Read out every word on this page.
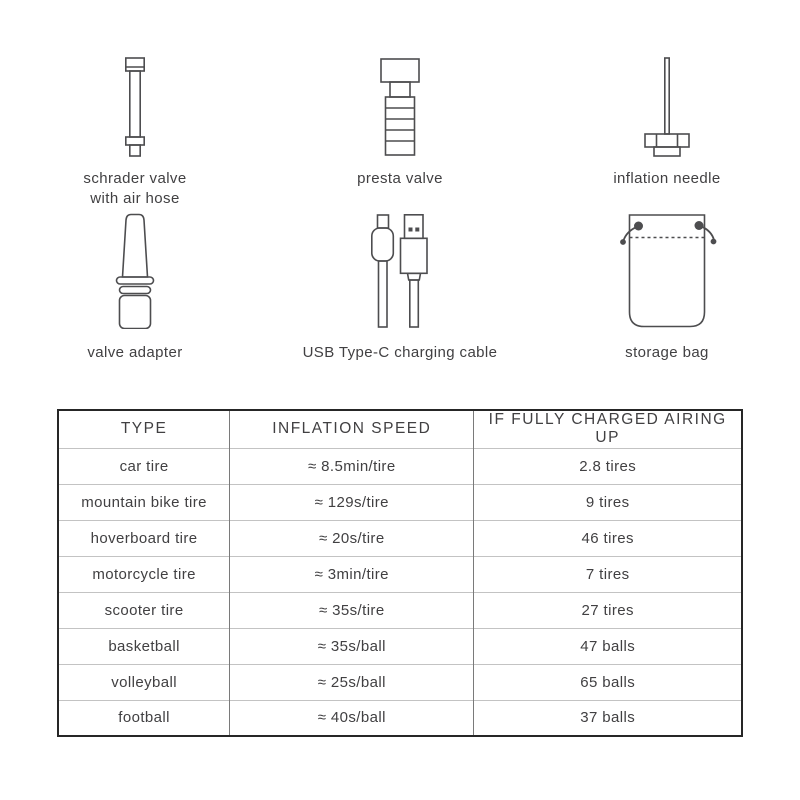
schrader valve
with air hose
presta valve	inflation needle
valve adapter	USB Type-C charging cable	storage bag
TYPE	INFLATION SPEED	IF FULLY CHARGED AIRING UP
car tire	≈ 8.5min/tire	2.8 tires
mountain bike tire	≈ 129s/tire	9 tires
hoverboard tire	≈ 20s/tire	46 tires
motorcycle tire	≈ 3min/tire	7 tires
scooter tire	≈ 35s/tire	27 tires
basketball	≈ 35s/ball	47 balls
volleyball	≈ 25s/ball	65 balls
football	≈ 40s/ball	37 balls
